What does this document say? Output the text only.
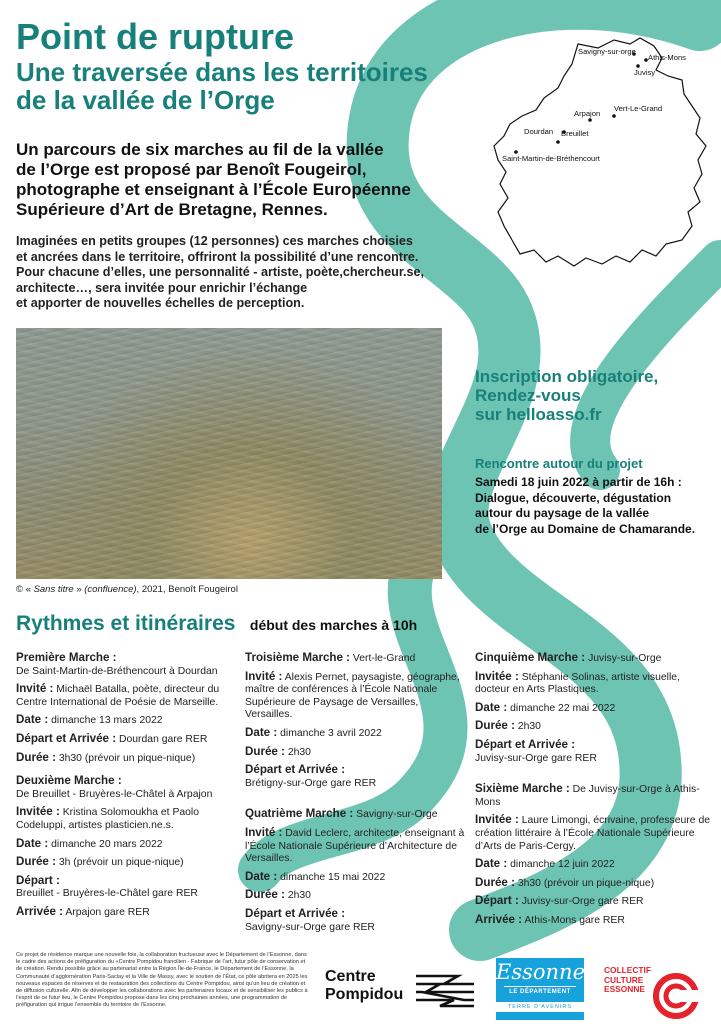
Point de rupture
Une traversée dans les territoires
de la vallée de l’Orge
Un parcours de six marches au fil de la vallée
de l’Orge est proposé par Benoît Fougeirol,
photographe et enseignant à l’École Européenne
Supérieure d’Art de Bretagne, Rennes.
Imaginées en petits groupes (12 personnes) ces marches choisies
et ancrées dans le territoire, offriront la possibilité d’une rencontre.
Pour chacune d’elles, une personnalité - artiste, poète,chercheur.se,
architecte…, sera invitée pour enrichir l’échange
et apporter de nouvelles échelles de perception.
Savigny-sur-orge
Athis-Mons
Juvisy
Arpajon
Vert-Le-Grand
Dourdan Breuillet
Saint-Martin-de-Bréthencourt
© « Sans titre » (confluence), 2021, Benoît Fougeirol
Inscription obligatoire,
Rendez-vous
sur helloasso.fr
Rencontre autour du projet
Samedi 18 juin 2022 à partir de 16h :
Dialogue, découverte, dégustation
autour du paysage de la vallée
de l’Orge au Domaine de Chamarande.
Rythmes et itinéraires début des marches à 10h
Première Marche :
De Saint-Martin-de-Bréthencourt à Dourdan
Invité : Michaël Batalla, poète, directeur du Centre International de Poésie de Marseille.
Date : dimanche 13 mars 2022
Départ et Arrivée : Dourdan gare RER
Durée : 3h30 (prévoir un pique-nique)
Deuxième Marche :
De Breuillet - Bruyères-le-Châtel à Arpajon
Invitée : Kristina Solomoukha et Paolo Codeluppi, artistes plasticien.ne.s.
Date : dimanche 20 mars 2022
Durée : 3h (prévoir un pique-nique)
Départ :
Breuillet - Bruyères-le-Châtel gare RER
Arrivée : Arpajon gare RER
Troisième Marche : Vert-le-Grand
Invité : Alexis Pernet, paysagiste, géographe, maître de conférences à l’École Nationale Supérieure de Paysage de Versailles, Versailles.
Date : dimanche 3 avril 2022
Durée : 2h30
Départ et Arrivée :
Brétigny-sur-Orge gare RER
Quatrième Marche : Savigny-sur-Orge
Invité : David Leclerc, architecte, enseignant à l’École Nationale Supérieure d’Architecture de Versailles.
Date : dimanche 15 mai 2022
Durée : 2h30
Départ et Arrivée :
Savigny-sur-Orge gare RER
Cinquième Marche : Juvisy-sur-Orge
Invitée : Stéphanie Solinas, artiste visuelle, docteur en Arts Plastiques.
Date : dimanche 22 mai 2022
Durée : 2h30
Départ et Arrivée :
Juvisy-sur-Orge gare RER
Sixième Marche : De Juvisy-sur-Orge à Athis-Mons
Invitée : Laure Limongi, écrivaine, professeure de création littéraire à l’École Nationale Supérieure d’Arts de Paris-Cergy.
Date : dimanche 12 juin 2022
Durée : 3h30 (prévoir un pique-nique)
Départ : Juvisy-sur-Orge gare RER
Arrivée : Athis-Mons gare RER
Ce projet de résidence marque une nouvelle fois, la collaboration fructueuse avec le Département de l’Essonne, dans le cadre des actions de préfiguration du «Centre Pompidou francilien - Fabrique de l’art, futur pôle de conservation et de création. Rendu possible grâce au partenariat entre la Région Île-de-France, le Département de l’Essonne, la Communauté d’agglomération Paris-Saclay et la Ville de Massy, avec le soutien de l’État, ce pôle abritera en 2025 les nouveaux espaces de réserves et de restauration des collections du Centre Pompidou, ainsi qu’un lieu de création et de diffusion culturelle. Afin de développer les collaborations avec les partenaires locaux et de sensibiliser les publics à l’esprit de ce futur lieu, le Centre Pompidou propose dans les cinq prochaines années, une programmation de préfiguration qui irrigue l’ensemble du territoire de l’Essonne.
Centre
Pompidou
Essonne
LE DÉPARTEMENT
TERRE D’AVENIRS
COLLECTIF
CULTURE
ESSONNE
